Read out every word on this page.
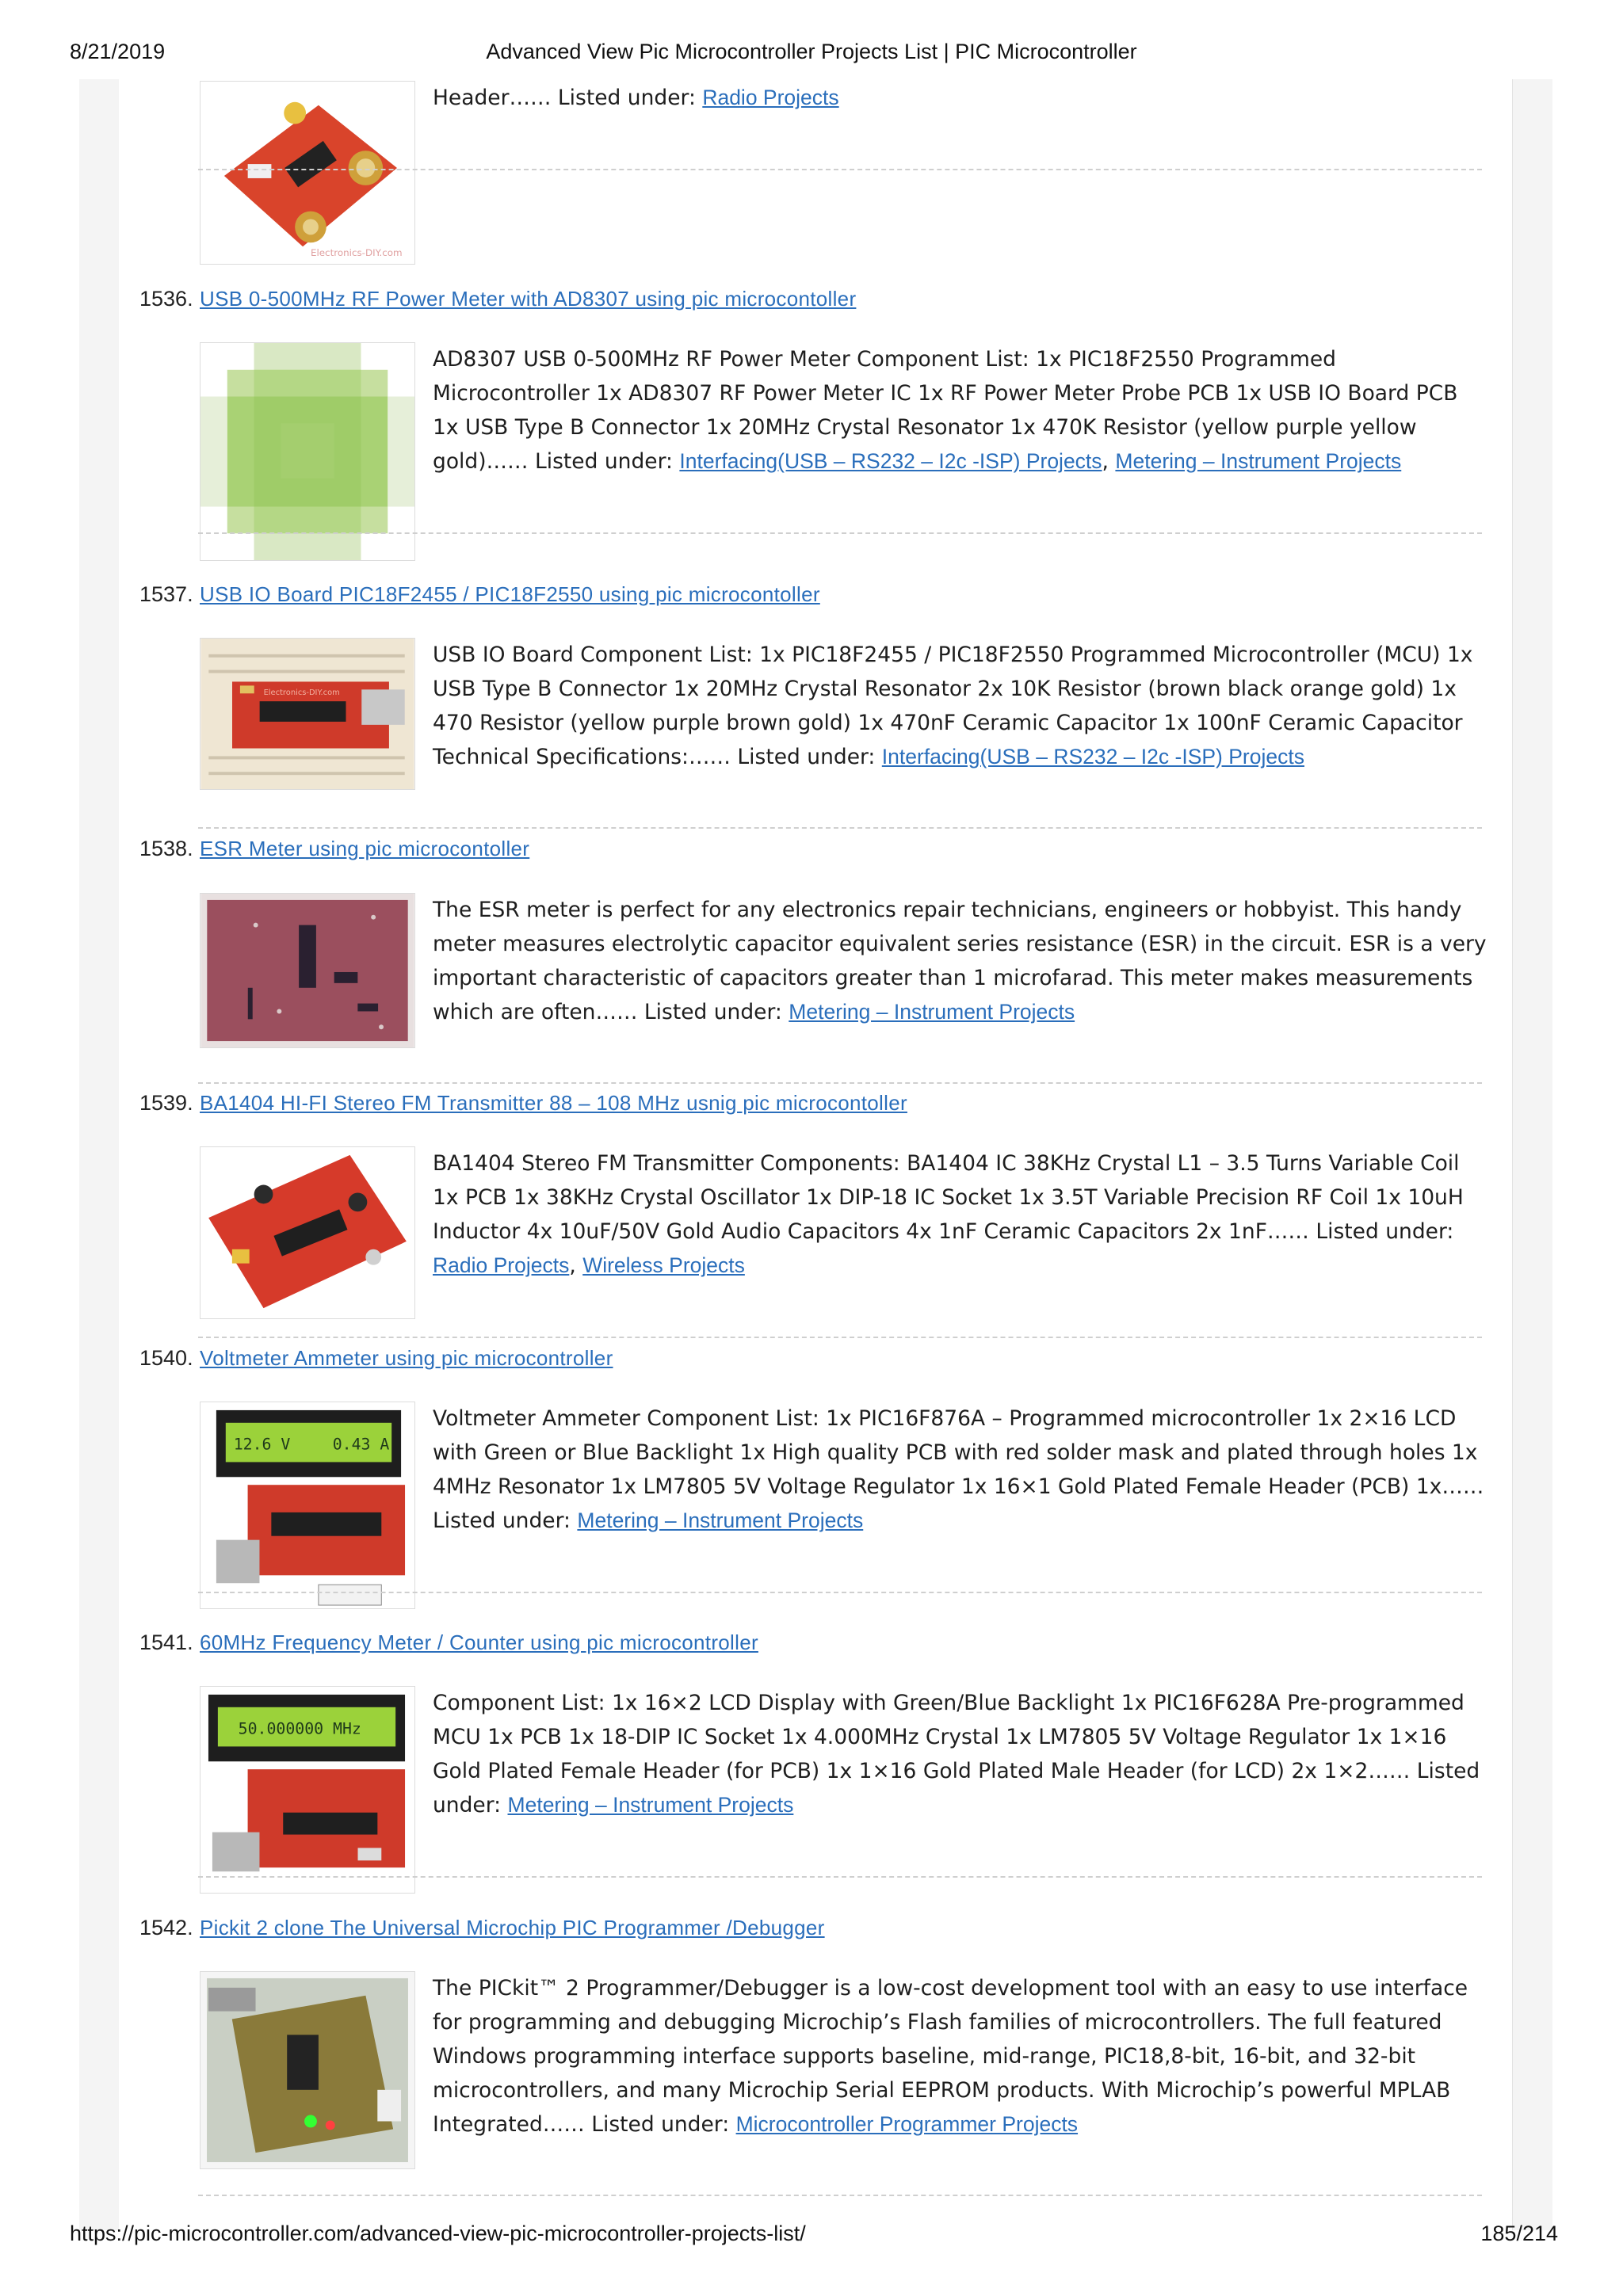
8/21/2019	Advanced View Pic Microcontroller Projects List | PIC Microcontroller
Electronics-DIY.com
Header…… Listed under: Radio Projects
1536. USB 0-500MHz RF Power Meter with AD8307 using pic microcontoller
AD8307 USB 0-500MHz RF Power Meter Component List: 1x PIC18F2550 Programmed Microcontroller 1x AD8307 RF Power Meter IC 1x RF Power Meter Probe PCB 1x USB IO Board PCB 1x USB Type B Connector 1x 20MHz Crystal Resonator 1x 470K Resistor (yellow purple yellow gold)…… Listed under: Interfacing(USB – RS232 – I2c -ISP) Projects, Metering – Instrument Projects
1537. USB IO Board PIC18F2455 / PIC18F2550 using pic microcontoller
Electronics-DIY.com
USB IO Board Component List: 1x PIC18F2455 / PIC18F2550 Programmed Microcontroller (MCU) 1x USB Type B Connector 1x 20MHz Crystal Resonator 2x 10K Resistor (brown black orange gold) 1x 470 Resistor (yellow purple brown gold) 1x 470nF Ceramic Capacitor 1x 100nF Ceramic Capacitor Technical Specifications:…… Listed under: Interfacing(USB – RS232 – I2c -ISP) Projects
1538. ESR Meter using pic microcontoller
The ESR meter is perfect for any electronics repair technicians, engineers or hobbyist. This handy meter measures electrolytic capacitor equivalent series resistance (ESR) in the circuit. ESR is a very important characteristic of capacitors greater than 1 microfarad. This meter makes measurements which are often…… Listed under: Metering – Instrument Projects
1539. BA1404 HI-FI Stereo FM Transmitter 88 – 108 MHz usnig pic microcontoller
BA1404 Stereo FM Transmitter Components: BA1404 IC 38KHz Crystal L1 – 3.5 Turns Variable Coil 1x PCB 1x 38KHz Crystal Oscillator 1x DIP-18 IC Socket 1x 3.5T Variable Precision RF Coil 1x 10uH Inductor 4x 10uF/50V Gold Audio Capacitors 4x 1nF Ceramic Capacitors 2x 1nF…… Listed under: Radio Projects, Wireless Projects
1540. Voltmeter Ammeter using pic microcontroller
12.6 V	0.43 A
Voltmeter Ammeter Component List: 1x PIC16F876A – Programmed microcontroller 1x 2×16 LCD with Green or Blue Backlight 1x High quality PCB with red solder mask and plated through holes 1x 4MHz Resonator 1x LM7805 5V Voltage Regulator 1x 16×1 Gold Plated Female Header (PCB) 1x…… Listed under: Metering – Instrument Projects
1541. 60MHz Frequency Meter / Counter using pic microcontroller
50.000000 MHz
Component List: 1x 16×2 LCD Display with Green/Blue Backlight 1x PIC16F628A Pre-programmed MCU 1x PCB 1x 18-DIP IC Socket 1x 4.000MHz Crystal 1x LM7805 5V Voltage Regulator 1x 1×16 Gold Plated Female Header (for PCB) 1x 1×16 Gold Plated Male Header (for LCD) 2x 1×2…… Listed under: Metering – Instrument Projects
1542. Pickit 2 clone The Universal Microchip PIC Programmer /Debugger
The PICkit™ 2 Programmer/Debugger is a low-cost development tool with an easy to use interface for programming and debugging Microchip’s Flash families of microcontrollers. The full featured Windows programming interface supports baseline, mid-range, PIC18,8-bit, 16-bit, and 32-bit microcontrollers, and many Microchip Serial EEPROM products. With Microchip’s powerful MPLAB Integrated…… Listed under: Microcontroller Programmer Projects
https://pic-microcontroller.com/advanced-view-pic-microcontroller-projects-list/	185/214
